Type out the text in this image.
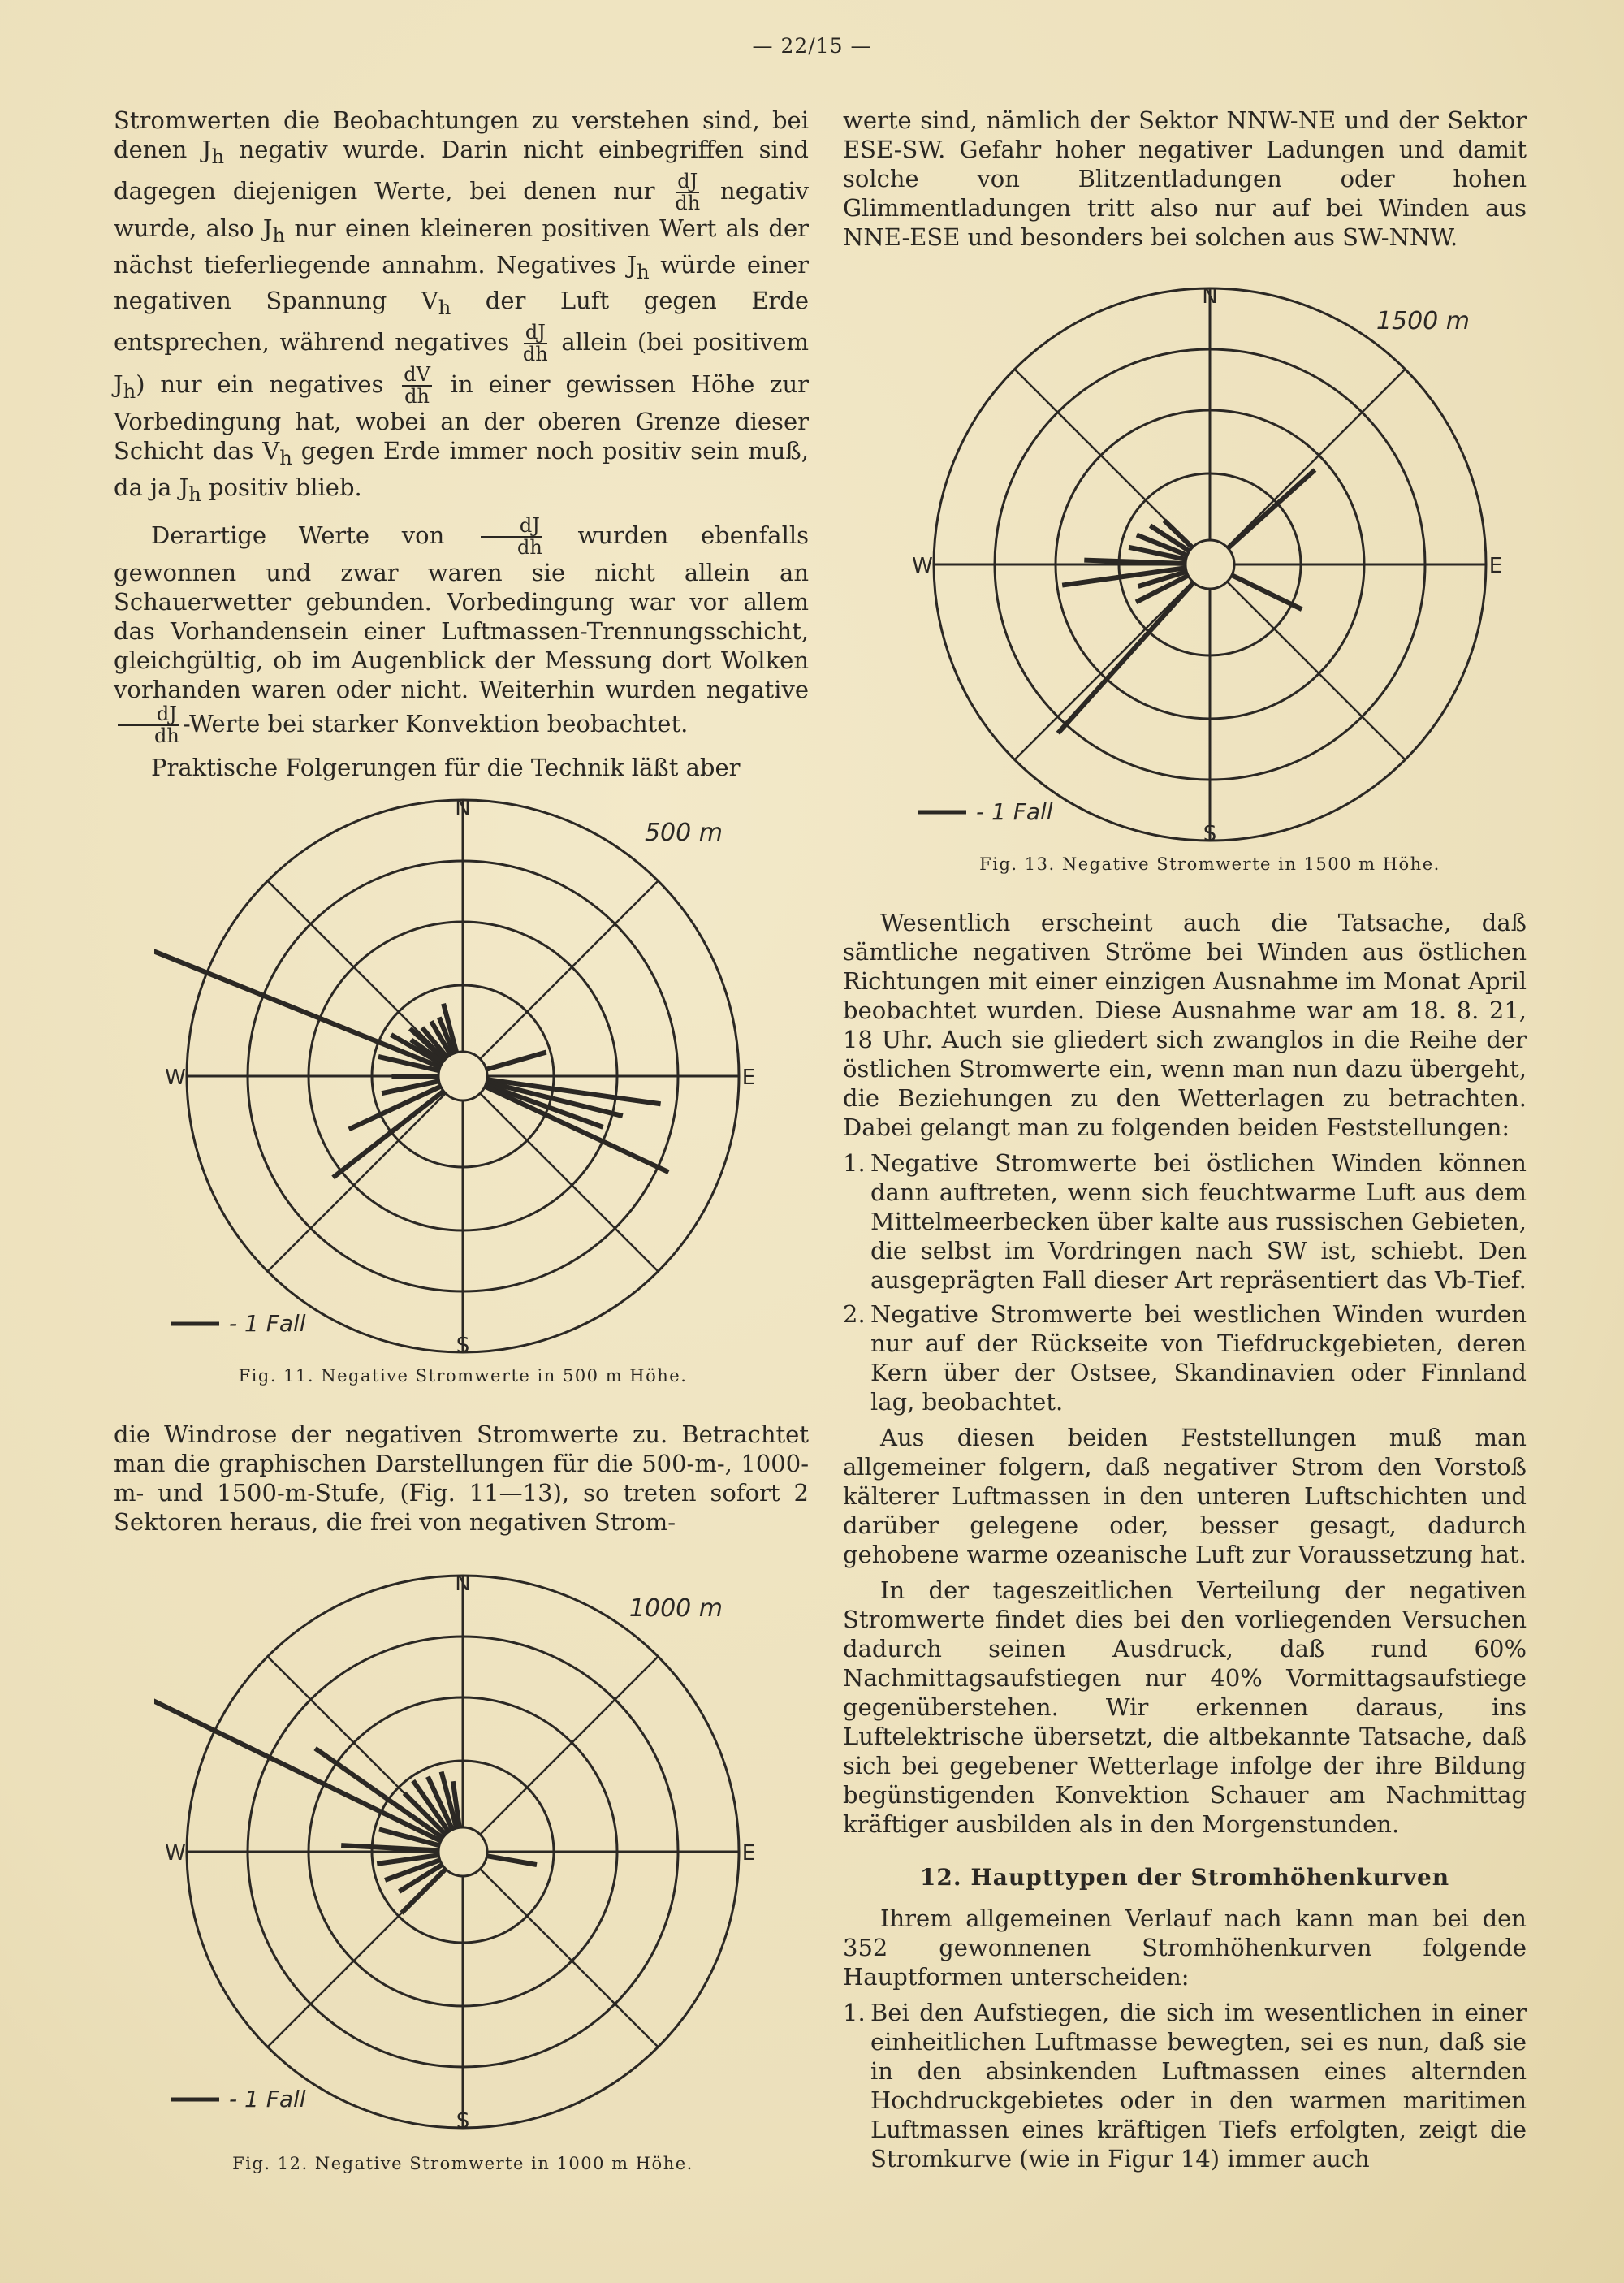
— 22/15 —

Stromwerten die Beobachtungen zu verstehen sind, bei denen $J_h$ negativ wurde. Darin nicht einbegriffen sind dagegen diejenigen Werte, bei denen nur $\frac{dJ}{dh}$ negativ wurde, also $J_h$ nur einen kleineren positiven Wert als der nächst tieferliegende annahm. Negatives $J_h$ würde einer negativen Spannung $V_h$ der Luft gegen Erde entsprechen, während negatives $\frac{dJ}{dh}$ allein (bei positivem $J_h$) nur ein negatives $\frac{dV}{dh}$ in einer gewissen Höhe zur Vorbedingung hat, wobei an der oberen Grenze dieser Schicht das $V_h$ gegen Erde immer noch positiv sein muß, da ja $J_h$ positiv blieb.

Derartige Werte von $\frac{dJ}{dh}$ wurden ebenfalls gewonnen und zwar waren sie nicht allein an Schauerwetter gebunden. Vorbedingung war vor allem das Vorhandensein einer Luftmassen-Trennungsschicht, gleichgültig, ob im Augenblick der Messung dort Wolken vorhanden waren oder nicht. Weiterhin wurden negative
$\frac{dJ}{dh}$ -Werte bei starker Konvektion beobachtet.

Praktische Folgerungen für die Technik läßt aber

N
S
E
W
500 m
- 1 Fall
Fig. 11. Negative Stromwerte in 500 m Höhe.

die Windrose der negativen Stromwerte zu. Betrachtet man die graphischen Darstellungen für die 500-m-, 1000-m- und 1500-m-Stufe, (Fig. 11—13), so treten sofort 2 Sektoren heraus, die frei von negativen Strom-

N
S
E
W
1000 m
- 1 Fall
Fig. 12. Negative Stromwerte in 1000 m Höhe.

werte sind, nämlich der Sektor NNW-NE und der Sektor ESE-SW. Gefahr hoher negativer Ladungen und damit solche von Blitzentladungen oder hohen Glimmentladungen tritt also nur auf bei Winden aus NNE-ESE und besonders bei solchen aus SW-NNW.

N
S
E
W
1500 m
- 1 Fall
Fig. 13. Negative Stromwerte in 1500 m Höhe.

Wesentlich erscheint auch die Tatsache, daß sämtliche negativen Ströme bei Winden aus östlichen Richtungen mit einer einzigen Ausnahme im Monat April beobachtet wurden. Diese Ausnahme war am 18. 8. 21, 18 Uhr. Auch sie gliedert sich zwanglos in die Reihe der östlichen Stromwerte ein, wenn man nun dazu übergeht, die Beziehungen zu den Wetterlagen zu betrachten. Dabei gelangt man zu folgenden beiden Feststellungen:

1. Negative Stromwerte bei östlichen Winden können dann auftreten, wenn sich feuchtwarme Luft aus dem Mittelmeerbecken über kalte aus russischen Gebieten, die selbst im Vordringen nach SW ist, schiebt. Den ausgeprägten Fall dieser Art repräsentiert das Vb-Tief.
2. Negative Stromwerte bei westlichen Winden wurden nur auf der Rückseite von Tiefdruckgebieten, deren Kern über der Ostsee, Skandinavien oder Finnland lag, beobachtet.

Aus diesen beiden Feststellungen muß man allgemeiner folgern, daß negativer Strom den Vorstoß kälterer Luftmassen in den unteren Luftschichten und darüber gelegene oder, besser gesagt, dadurch gehobene warme ozeanische Luft zur Voraussetzung hat.

In der tageszeitlichen Verteilung der negativen Stromwerte findet dies bei den vorliegenden Versuchen dadurch seinen Ausdruck, daß rund 60% Nachmittagsaufstiegen nur 40% Vormittagsaufstiege gegenüberstehen. Wir erkennen daraus, ins Luftelektrische übersetzt, die altbekannte Tatsache, daß sich bei gegebener Wetterlage infolge der ihre Bildung begünstigenden Konvektion Schauer am Nachmittag kräftiger ausbilden als in den Morgenstunden.

12. Haupttypen der Stromhöhenkurven

Ihrem allgemeinen Verlauf nach kann man bei den 352 gewonnenen Stromhöhenkurven folgende Hauptformen unterscheiden:

1. Bei den Aufstiegen, die sich im wesentlichen in einer einheitlichen Luftmasse bewegten, sei es nun, daß sie in den absinkenden Luftmassen eines alternden Hochdruckgebietes oder in den warmen maritimen Luftmassen eines kräftigen Tiefs erfolgten, zeigt die Stromkurve (wie in Figur 14) immer auch
